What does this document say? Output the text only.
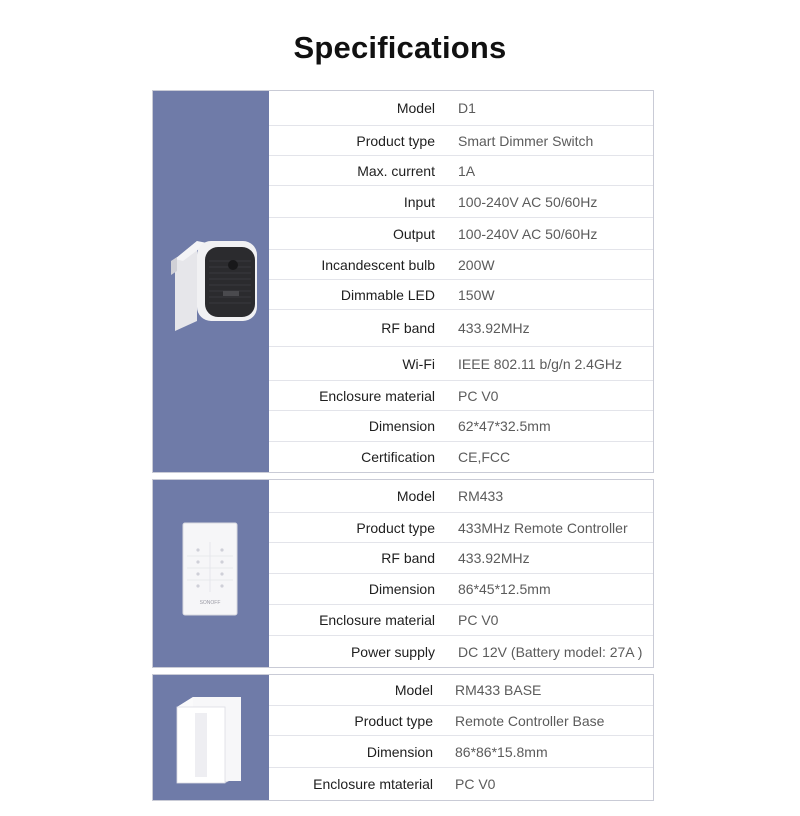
Specifications
Model D1
Product type Smart Dimmer Switch
Max. current 1A
Input 100-240V AC 50/60Hz
Output 100-240V AC 50/60Hz
Incandescent bulb 200W
Dimmable LED 150W
RF band 433.92MHz
Wi-Fi IEEE 802.11 b/g/n 2.4GHz
Enclosure material PC V0
Dimension 62*47*32.5mm
Certification CE,FCC
SONOFF
Model RM433
Product type 433MHz Remote Controller
RF band 433.92MHz
Dimension 86*45*12.5mm
Enclosure material PC V0
Power supply DC 12V (Battery model: 27A )
Model RM433 BASE
Product type Remote Controller Base
Dimension 86*86*15.8mm
Enclosure mtaterial PC V0
